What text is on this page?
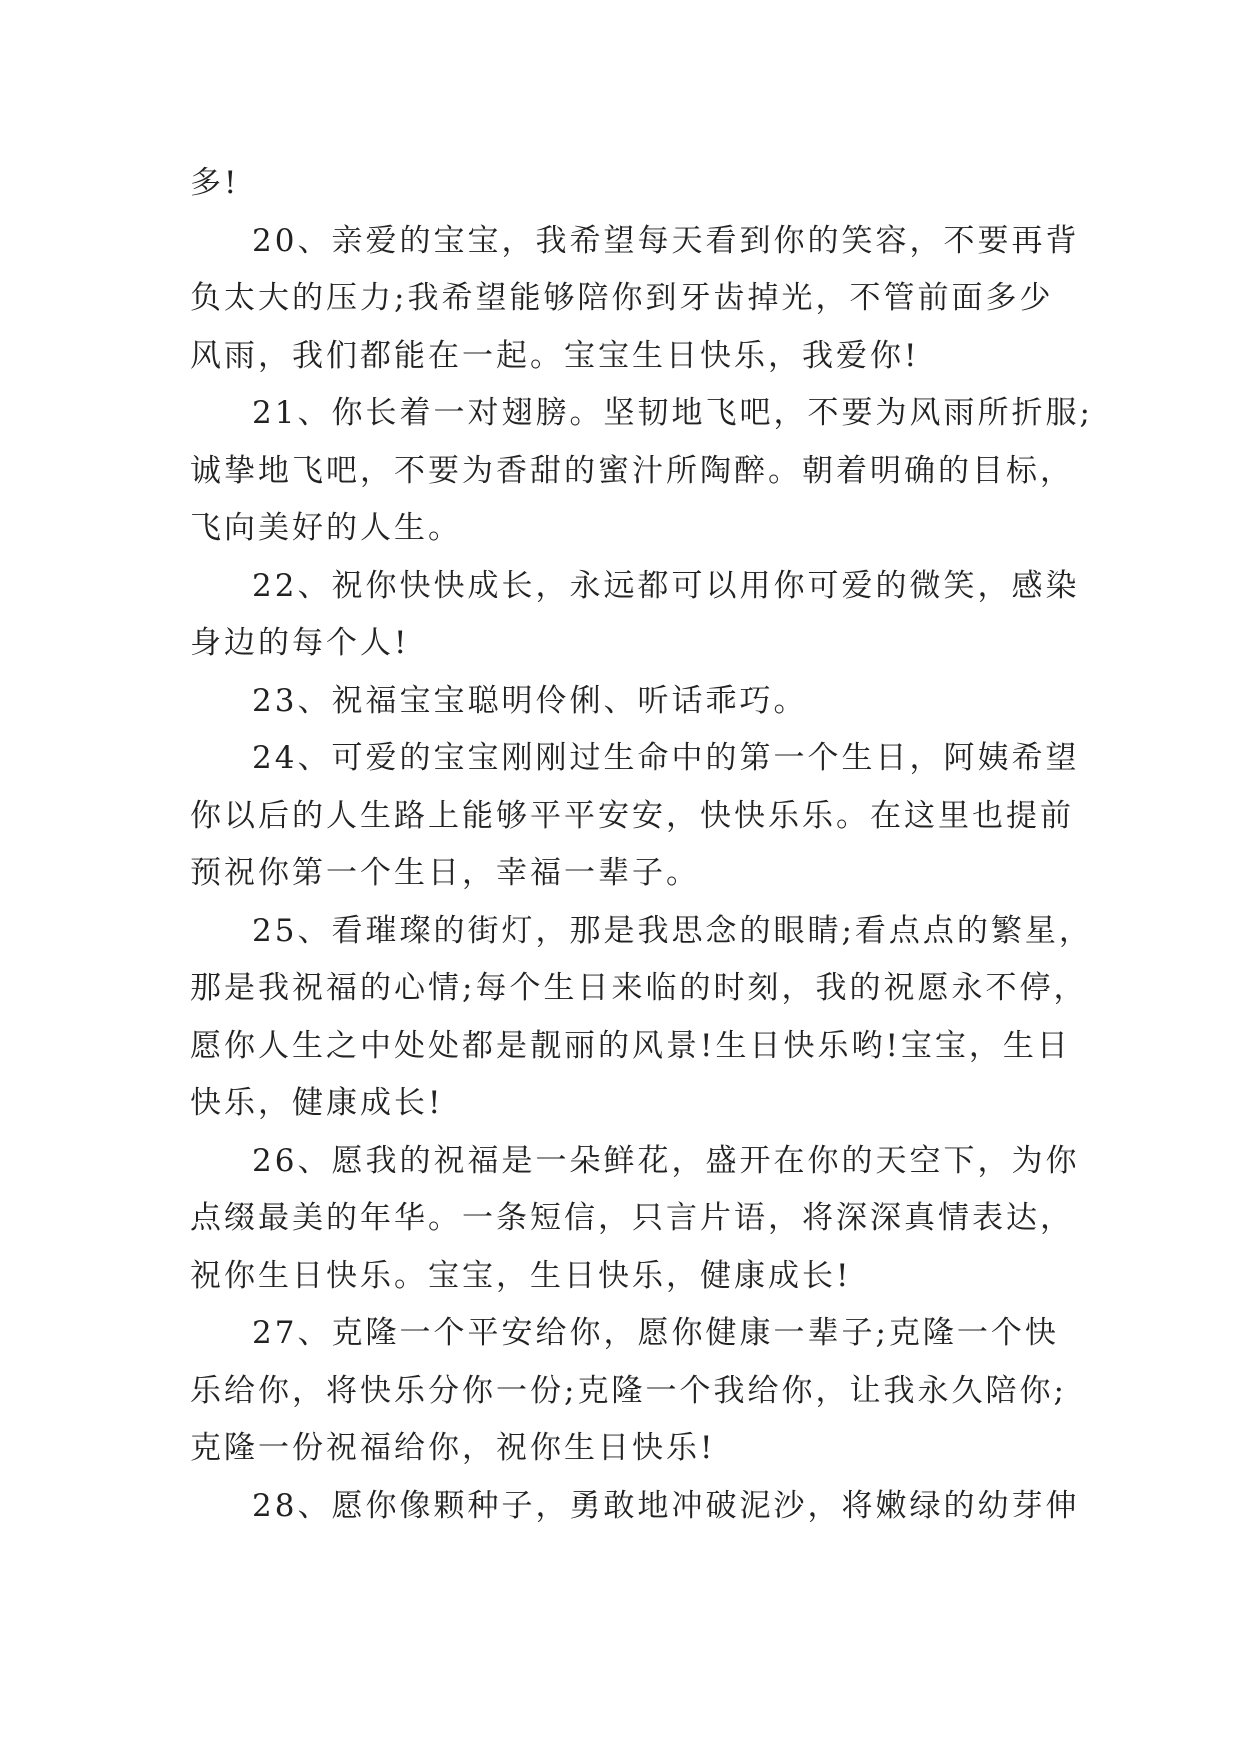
多!
20、亲爱的宝宝，我希望每天看到你的笑容，不要再背
负太大的压力;我希望能够陪你到牙齿掉光，不管前面多少
风雨，我们都能在一起。宝宝生日快乐，我爱你!
21、你长着一对翅膀。坚韧地飞吧，不要为风雨所折服;
诚挚地飞吧，不要为香甜的蜜汁所陶醉。朝着明确的目标，
飞向美好的人生。
22、祝你快快成长，永远都可以用你可爱的微笑，感染
身边的每个人!
23、祝福宝宝聪明伶俐、听话乖巧。
24、可爱的宝宝刚刚过生命中的第一个生日，阿姨希望
你以后的人生路上能够平平安安，快快乐乐。在这里也提前
预祝你第一个生日，幸福一辈子。
25、看璀璨的街灯，那是我思念的眼睛;看点点的繁星，
那是我祝福的心情;每个生日来临的时刻，我的祝愿永不停，
愿你人生之中处处都是靓丽的风景!生日快乐哟!宝宝，生日
快乐，健康成长!
26、愿我的祝福是一朵鲜花，盛开在你的天空下，为你
点缀最美的年华。一条短信，只言片语，将深深真情表达，
祝你生日快乐。宝宝，生日快乐，健康成长!
27、克隆一个平安给你，愿你健康一辈子;克隆一个快
乐给你，将快乐分你一份;克隆一个我给你，让我永久陪你;
克隆一份祝福给你，祝你生日快乐!
28、愿你像颗种子，勇敢地冲破泥沙，将嫩绿的幼芽伸
